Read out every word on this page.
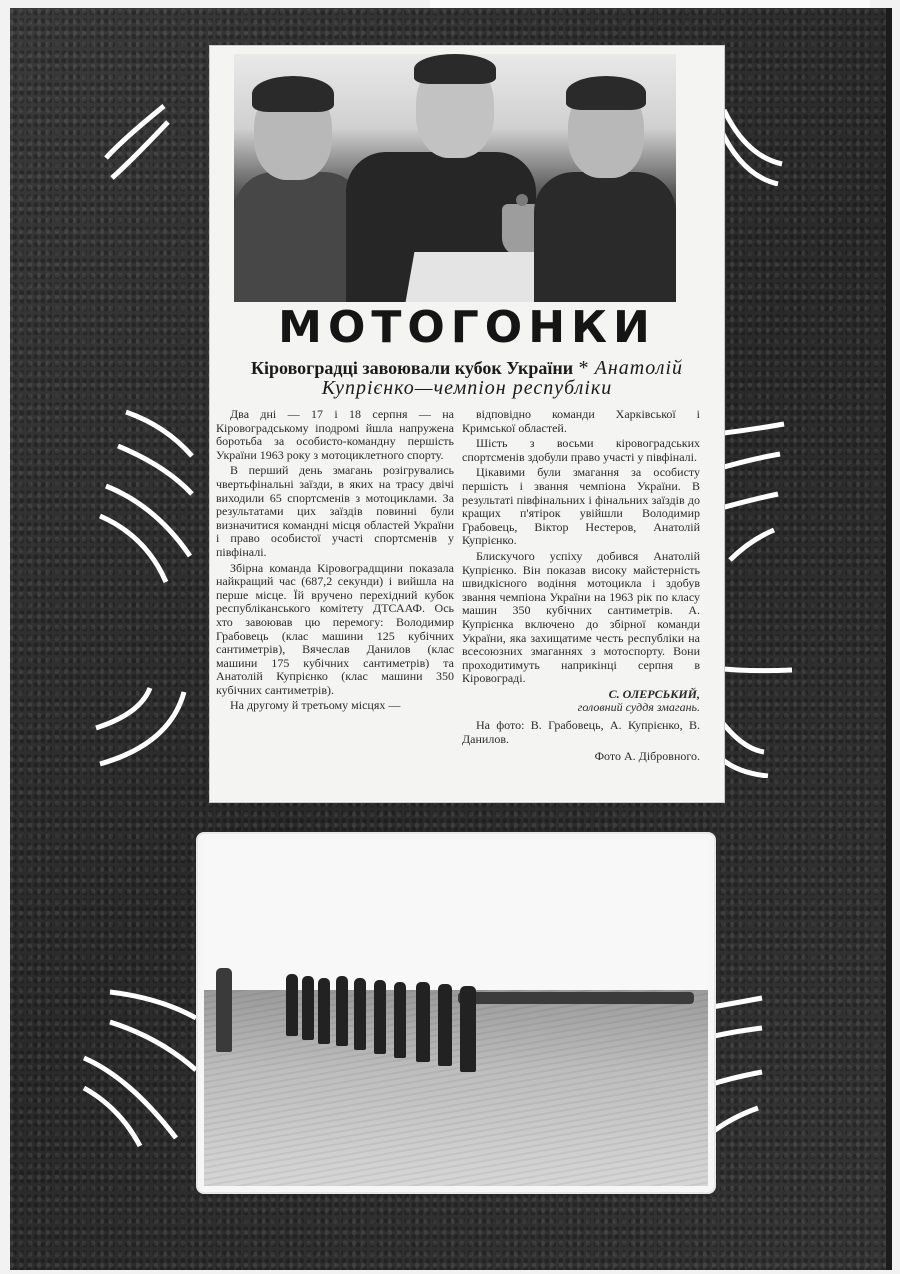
МОТОГОНКИ
Кіровоградці завоювали кубок України * Анатолій
Купрієнко—чемпіон республіки

Два дні — 17 і 18 серпня — на Кіровоградському іподромі йшла напружена боротьба за особисто-командну першість України 1963 року з мотоциклетного спорту.

В перший день змагань розігрувались чвертьфінальні заїзди, в яких на трасу двічі виходили 65 спортсменів з мотоциклами. За результатами цих заїздів повинні були визначитися командні місця областей України і право особистої участі спортсменів у півфіналі.

Збірна команда Кіровоградщини показала найкращий час (687,2 секунди) і вийшла на перше місце. Їй вручено перехідний кубок республіканського комітету ДТСААФ. Ось хто завоював цю перемогу: Володимир Грабовець (клас машини 125 кубічних сантиметрів), Вячеслав Данилов (клас машини 175 кубічних сантиметрів) та Анатолій Купрієнко (клас машини 350 кубічних сантиметрів).

На другому й третьому місцях —

відповідно команди Харківської і Кримської областей.

Шість з восьми кіровоградських спортсменів здобули право участі у півфіналі.

Цікавими були змагання за особисту першість і звання чемпіона України. В результаті півфінальних і фінальних заїздів до кращих п'ятірок увійшли Володимир Грабовець, Віктор Нестеров, Анатолій Купрієнко.

Блискучого успіху добився Анатолій Купрієнко. Він показав високу майстерність швидкісного водіння мотоцикла і здобув звання чемпіона України на 1963 рік по класу машин 350 кубічних сантиметрів. А. Купрієнка включено до збірної команди України, яка захищатиме честь республіки на всесоюзних змаганнях з мотоспорту. Вони проходитимуть наприкінці серпня в Кіровограді.

С. ОЛЕРСЬКИЙ,
головний суддя змагань.

На фото: В. Грабовець, А. Купрієнко, В. Данилов.

Фото А. Дібровного.
